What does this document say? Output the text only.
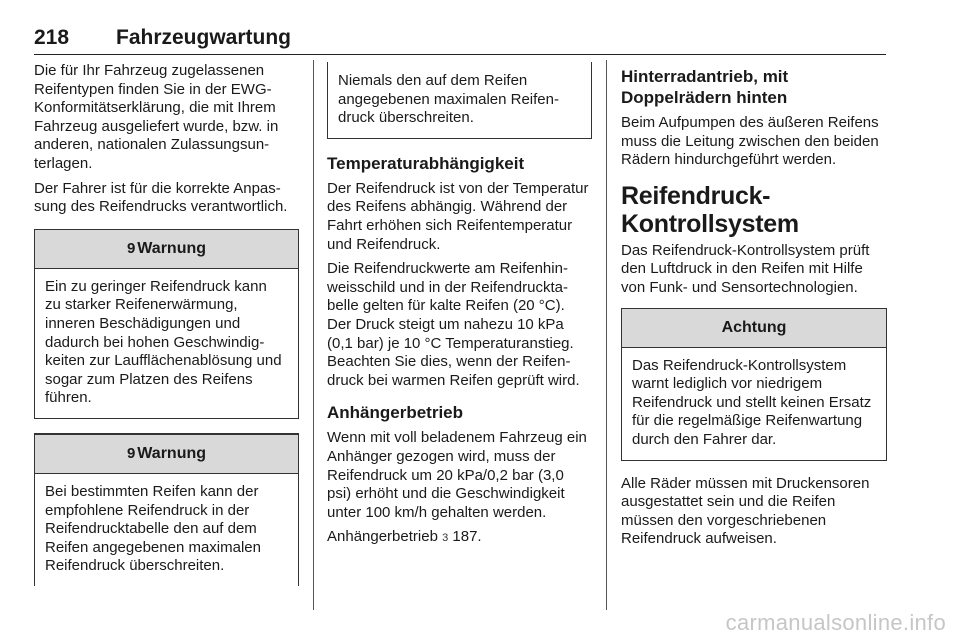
218 Fahrzeugwartung

Die für Ihr Fahrzeug zugelassenen Reifentypen finden Sie in der EWG-Konformitätserklärung, die mit Ihrem Fahrzeug ausgeliefert wurde, bzw. in anderen, nationalen Zulassungsunterlagen.

Der Fahrer ist für die korrekte Anpassung des Reifendrucks verantwortlich.

9 Warnung
Ein zu geringer Reifendruck kann zu starker Reifenerwärmung, inneren Beschädigungen und dadurch bei hohen Geschwindigkeiten zur Laufflächenablösung und sogar zum Platzen des Reifens führen.
9 Warnung
Bei bestimmten Reifen kann der empfohlene Reifendruck in der Reifendrucktabelle den auf dem Reifen angegebenen maximalen Reifendruck überschreiten.
Niemals den auf dem Reifen angegebenen maximalen Reifendruck überschreiten.
Temperaturabhängigkeit

Der Reifendruck ist von der Temperatur des Reifens abhängig. Während der Fahrt erhöhen sich Reifentemperatur und Reifendruck.

Die Reifendruckwerte am Reifenhinweisschild und in der Reifendrucktabelle gelten für kalte Reifen (20 °C). Der Druck steigt um nahezu 10 kPa (0,1 bar) je 10 °C Temperaturanstieg. Beachten Sie dies, wenn der Reifendruck bei warmen Reifen geprüft wird.

Anhängerbetrieb

Wenn mit voll beladenem Fahrzeug ein Anhänger gezogen wird, muss der Reifendruck um 20 kPa/0,2 bar (3,0 psi) erhöht und die Geschwindigkeit unter 100 km/h gehalten werden.

Anhängerbetrieb 3 187.

Hinterradantrieb, mit Doppelrädern hinten

Beim Aufpumpen des äußeren Reifens muss die Leitung zwischen den beiden Rädern hindurchgeführt werden.

Reifendruck-Kontrollsystem

Das Reifendruck-Kontrollsystem prüft den Luftdruck in den Reifen mit Hilfe von Funk- und Sensortechnologien.

Achtung
Das Reifendruck-Kontrollsystem warnt lediglich vor niedrigem Reifendruck und stellt keinen Ersatz für die regelmäßige Reifenwartung durch den Fahrer dar.

Alle Räder müssen mit Druckensoren ausgestattet sein und die Reifen müssen den vorgeschriebenen Reifendruck aufweisen.

carmanualsonline.info
